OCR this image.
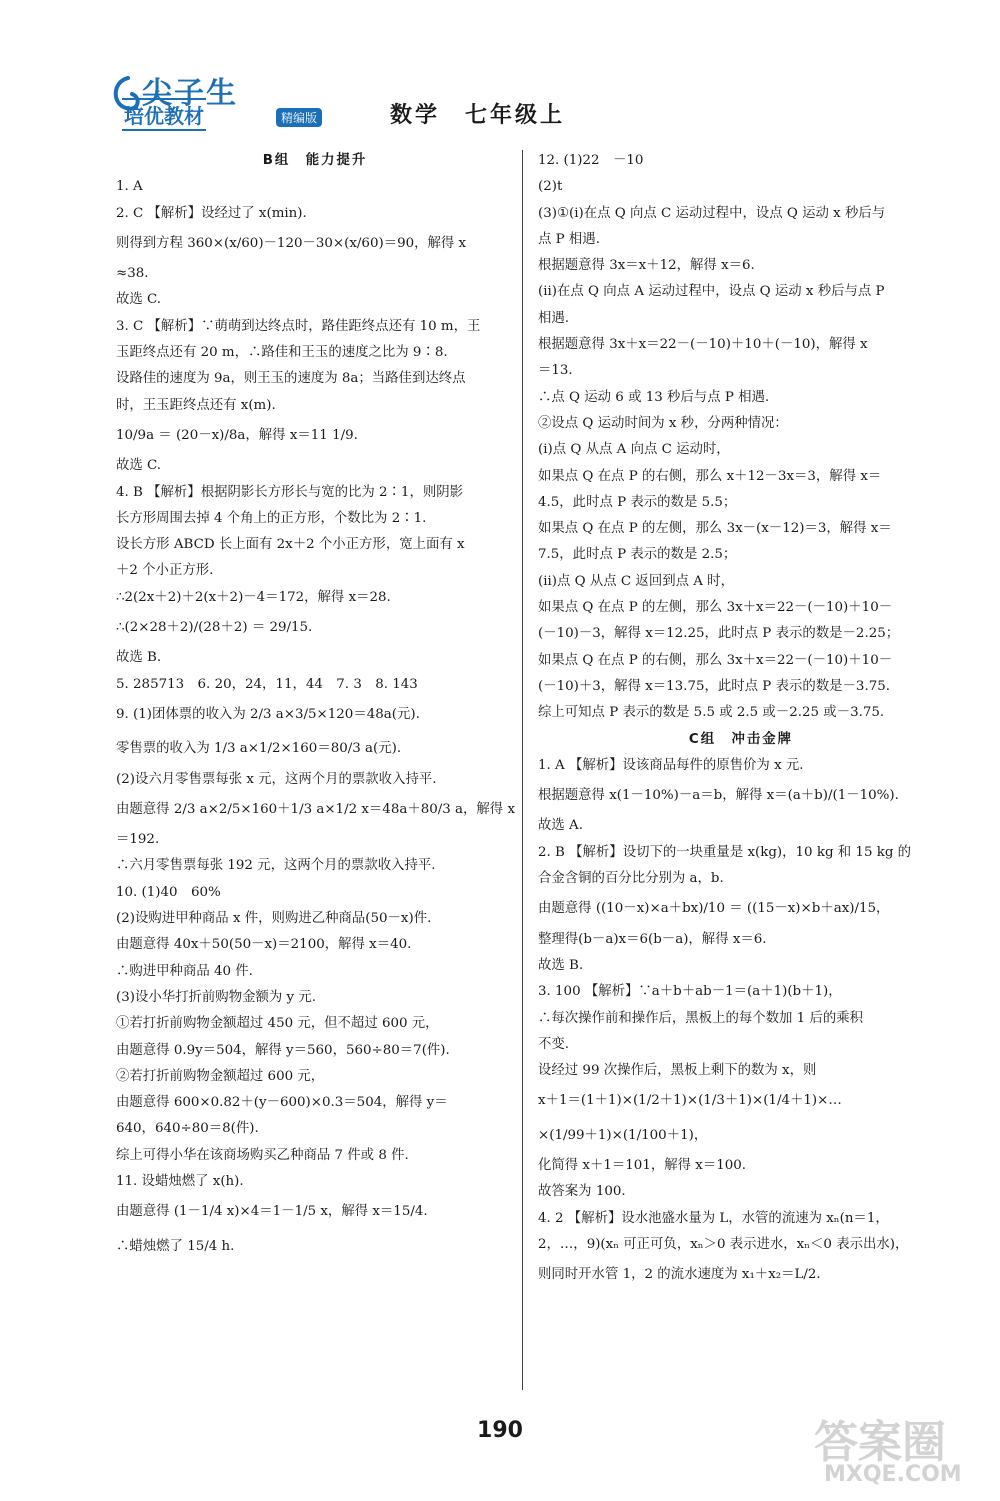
尖子生
培优教材	精编版	数学　七年级上

B组　能力提升

1. A

2. C 【解析】设经过了 x(min).

则得到方程 360×(x/60)－120－30×(x/60)＝90，解得 x

≈38.

故选 C.

3. C 【解析】∵萌萌到达终点时，路佳距终点还有 10 m，王

玉距终点还有 20 m，∴路佳和王玉的速度之比为 9∶8.

设路佳的速度为 9a，则王玉的速度为 8a；当路佳到达终点

时，王玉距终点还有 x(m).

10/9a ＝ (20－x)/8a，解得 x＝11 1/9.

故选 C.

4. B 【解析】根据阴影长方形长与宽的比为 2∶1，则阴影

长方形周围去掉 4 个角上的正方形，个数比为 2∶1.

设长方形 ABCD 长上面有 2x＋2 个小正方形，宽上面有 x

＋2 个小正方形.

∴2(2x＋2)＋2(x＋2)－4＝172，解得 x＝28.

∴(2×28＋2)/(28＋2) ＝ 29/15.

故选 B.

5. 285713　6. 20，24，11，44　7. 3　8. 143

9. (1)团体票的收入为 2/3 a×3/5×120＝48a(元).

零售票的收入为 1/3 a×1/2×160＝80/3 a(元).

(2)设六月零售票每张 x 元，这两个月的票款收入持平.

由题意得 2/3 a×2/5×160＋1/3 a×1/2 x＝48a＋80/3 a，解得 x

＝192.

∴六月零售票每张 192 元，这两个月的票款收入持平.

10. (1)40　60%

(2)设购进甲种商品 x 件，则购进乙种商品(50－x)件.

由题意得 40x＋50(50－x)＝2100，解得 x＝40.

∴购进甲种商品 40 件.

(3)设小华打折前购物金额为 y 元.

①若打折前购物金额超过 450 元，但不超过 600 元，

由题意得 0.9y＝504，解得 y＝560，560÷80＝7(件).

②若打折前购物金额超过 600 元，

由题意得 600×0.82＋(y－600)×0.3＝504，解得 y＝

640，640÷80＝8(件).

综上可得小华在该商场购买乙种商品 7 件或 8 件.

11. 设蜡烛燃了 x(h).

由题意得 (1－1/4 x)×4＝1－1/5 x，解得 x＝15/4.

∴蜡烛燃了 15/4 h.

12. (1)22　－10

(2)t

(3)①(i)在点 Q 向点 C 运动过程中，设点 Q 运动 x 秒后与

点 P 相遇.

根据题意得 3x＝x＋12，解得 x＝6.

(ii)在点 Q 向点 A 运动过程中，设点 Q 运动 x 秒后与点 P

相遇.

根据题意得 3x＋x＝22－(－10)＋10＋(－10)，解得 x

＝13.

∴点 Q 运动 6 或 13 秒后与点 P 相遇.

②设点 Q 运动时间为 x 秒，分两种情况：

(i)点 Q 从点 A 向点 C 运动时，

如果点 Q 在点 P 的右侧，那么 x＋12－3x＝3，解得 x＝

4.5，此时点 P 表示的数是 5.5；

如果点 Q 在点 P 的左侧，那么 3x－(x－12)＝3，解得 x＝

7.5，此时点 P 表示的数是 2.5；

(ii)点 Q 从点 C 返回到点 A 时，

如果点 Q 在点 P 的左侧，那么 3x＋x＝22－(－10)＋10－

(－10)－3，解得 x＝12.25，此时点 P 表示的数是－2.25；

如果点 Q 在点 P 的右侧，那么 3x＋x＝22－(－10)＋10－

(－10)＋3，解得 x＝13.75，此时点 P 表示的数是－3.75.

综上可知点 P 表示的数是 5.5 或 2.5 或－2.25 或－3.75.

C组　冲击金牌

1. A 【解析】设该商品每件的原售价为 x 元.

根据题意得 x(1－10%)－a＝b，解得 x＝(a＋b)/(1－10%).

故选 A.

2. B 【解析】设切下的一块重量是 x(kg)，10 kg 和 15 kg 的

合金含铜的百分比分别为 a，b.

由题意得 ((10－x)×a＋bx)/10 ＝ ((15－x)×b＋ax)/15，

整理得(b－a)x＝6(b－a)，解得 x＝6.

故选 B.

3. 100 【解析】∵a＋b＋ab－1＝(a＋1)(b＋1)，

∴每次操作前和操作后，黑板上的每个数加 1 后的乘积

不变.

设经过 99 次操作后，黑板上剩下的数为 x，则

x＋1＝(1＋1)×(1/2＋1)×(1/3＋1)×(1/4＋1)×…

×(1/99＋1)×(1/100＋1)，

化简得 x＋1＝101，解得 x＝100.

故答案为 100.

4. 2 【解析】设水池盛水量为 L，水管的流速为 xₙ(n＝1，

2，…，9)(xₙ 可正可负，xₙ＞0 表示进水，xₙ＜0 表示出水)，

则同时开水管 1，2 的流水速度为 x₁＋x₂＝L/2.

190	答案圈
MXQE.COM
